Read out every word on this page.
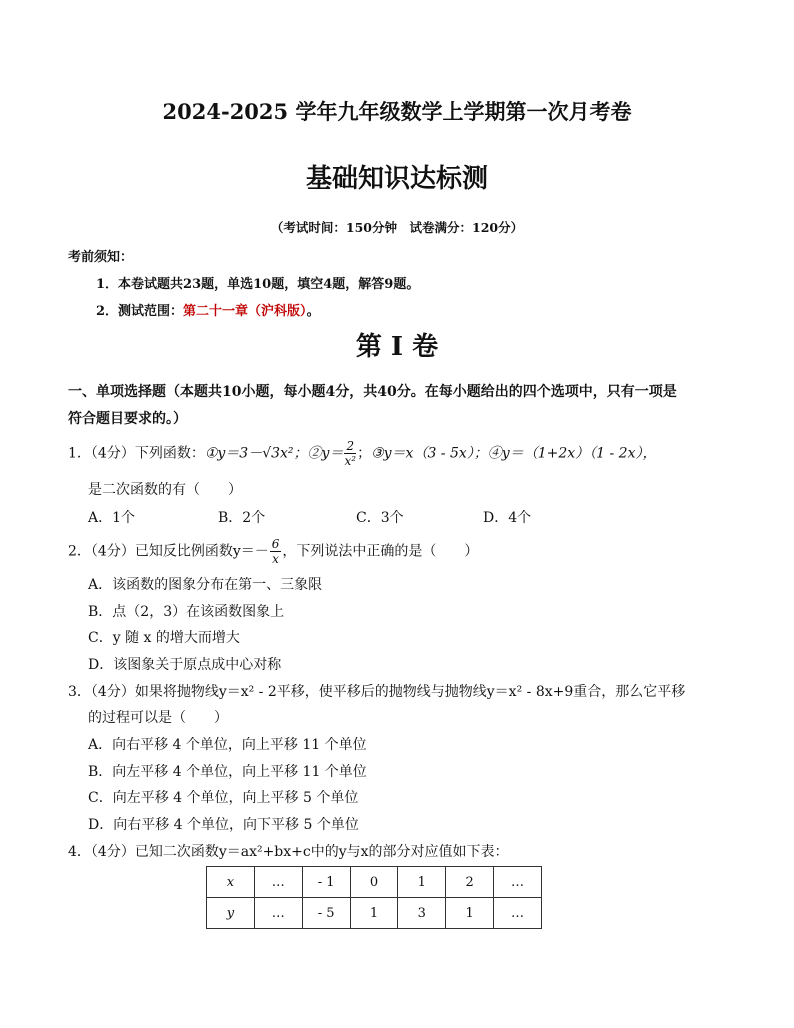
2024-2025 学年九年级数学上学期第一次月考卷
基础知识达标测
（考试时间：150分钟　试卷满分：120分）
考前须知：
1．本卷试题共23题，单选10题，填空4题，解答9题。
2．测试范围：第二十一章（沪科版）。
第 I 卷
一、单项选择题（本题共10小题，每小题4分，共40分。在每小题给出的四个选项中，只有一项是
符合题目要求的。）
1．（4分）下列函数：①y＝3－√3x²；②y＝ $\frac{2}{\text{x²}}$ ；③y＝x（3 - 5x）；④y＝（1+2x）（1 - 2x），
是二次函数的有（　　）
A．1个	B．2个	C．3个	D．4个
2．（4分）已知反比例函数$y=- \frac{6}{x}$ ，下列说法中正确的是（　　）
A．该函数的图象分布在第一、三象限
B．点（2，3）在该函数图象上
C．y 随 x 的增大而增大
D．该图象关于原点成中心对称
3．（4分）如果将抛物线y＝x² - 2平移，使平移后的抛物线与抛物线y＝x² - 8x+9重合，那么它平移
的过程可以是（　　）
A．向右平移 4 个单位，向上平移 11 个单位
B．向左平移 4 个单位，向上平移 11 个单位
C．向左平移 4 个单位，向上平移 5 个单位
D．向右平移 4 个单位，向下平移 5 个单位
4．（4分）已知二次函数y＝ax²+bx+c中的y与x的部分对应值如下表：
x	…	- 1	0	1	2	…
y	…	- 5	1	3	1	…
